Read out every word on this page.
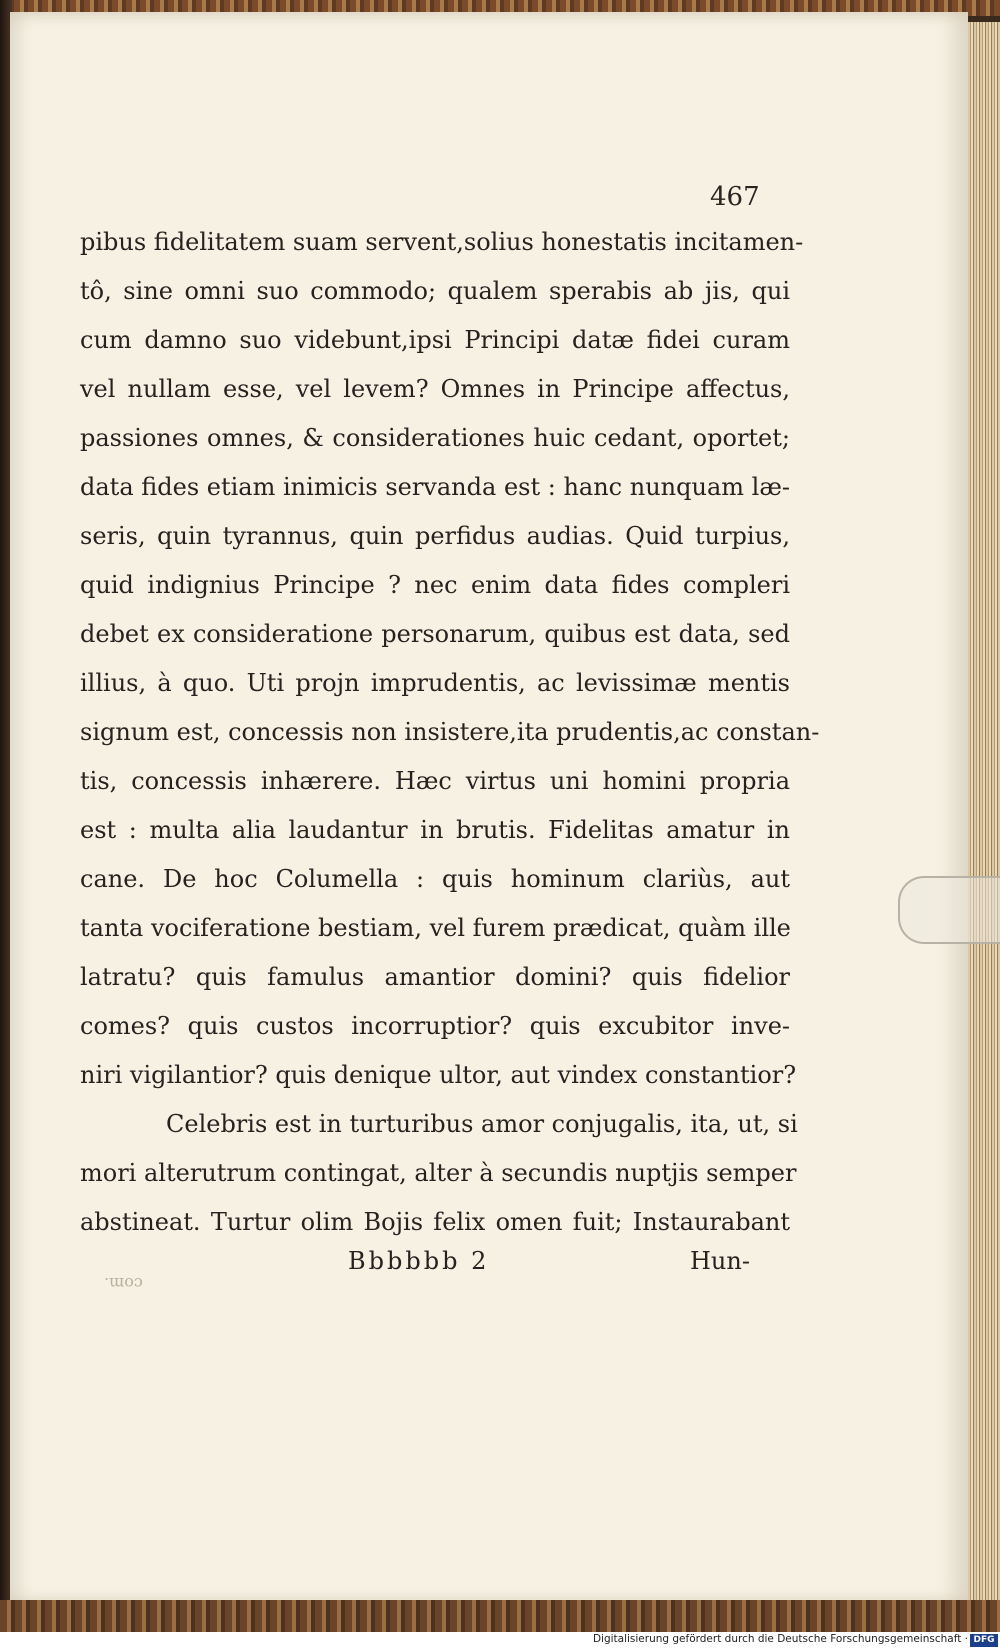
467
pibus fidelitatem suam servent,solius honestatis incitamen-
tô, sine omni suo commodo; qualem sperabis ab jis, qui
cum damno suo videbunt,ipsi Principi datæ fidei curam
vel nullam esse, vel levem? Omnes in Principe affectus,
passiones omnes, & considerationes huic cedant, oportet;
data fides etiam inimicis servanda est : hanc nunquam læ-
seris, quin tyrannus, quin perfidus audias. Quid turpius,
quid indignius Principe ? nec enim data fides compleri
debet ex consideratione personarum, quibus est data, sed
illius, à quo. Uti projn imprudentis, ac levissimæ mentis
signum est, concessis non insistere,ita prudentis,ac constan-
tis, concessis inhærere. Hæc virtus uni homini propria
est : multa alia laudantur in brutis. Fidelitas amatur in
cane. De hoc Columella : quis hominum clariùs, aut
tanta vociferatione bestiam, vel furem prædicat, quàm ille
latratu? quis famulus amantior domini? quis fidelior
comes? quis custos incorruptior? quis excubitor inve-
niri vigilantior? quis denique ultor, aut vindex constantior?
Celebris est in turturibus amor conjugalis, ita, ut, si
mori alterutrum contingat, alter à secundis nuptjis semper
abstineat. Turtur olim Bojis felix omen fuit; Instaurabant
Bbbbbb 2	Hun-
com.
Digitalisierung gefördert durch die Deutsche Forschungsgemeinschaft · DFG
